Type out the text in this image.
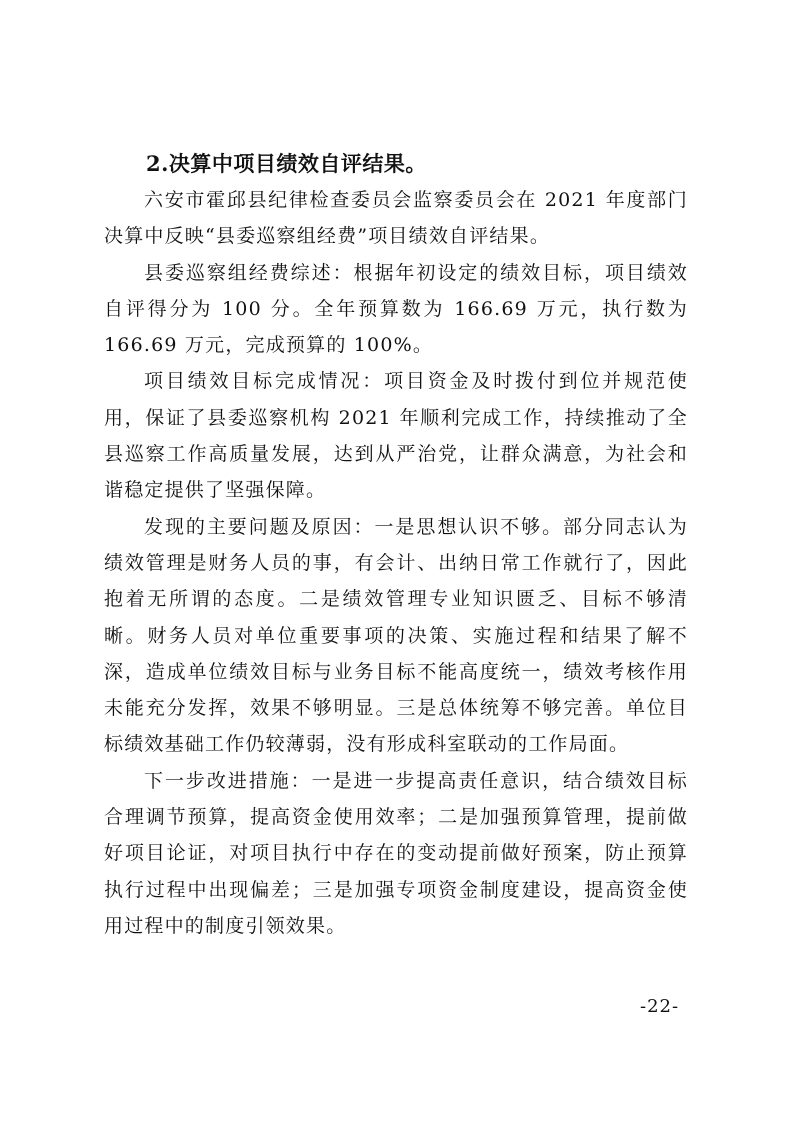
2.决算中项目绩效自评结果。

六安市霍邱县纪律检查委员会监察委员会在 2021 年度部门决算中反映“县委巡察组经费”项目绩效自评结果。

县委巡察组经费综述：根据年初设定的绩效目标，项目绩效自评得分为 100 分。全年预算数为 166.69 万元，执行数为 166.69 万元，完成预算的 100%。

项目绩效目标完成情况：项目资金及时拨付到位并规范使用，保证了县委巡察机构 2021 年顺利完成工作，持续推动了全县巡察工作高质量发展，达到从严治党，让群众满意，为社会和谐稳定提供了坚强保障。

发现的主要问题及原因：一是思想认识不够。部分同志认为绩效管理是财务人员的事，有会计、出纳日常工作就行了，因此抱着无所谓的态度。二是绩效管理专业知识匮乏、目标不够清晰。财务人员对单位重要事项的决策、实施过程和结果了解不深，造成单位绩效目标与业务目标不能高度统一，绩效考核作用未能充分发挥，效果不够明显。三是总体统筹不够完善。单位目标绩效基础工作仍较薄弱，没有形成科室联动的工作局面。

下一步改进措施：一是进一步提高责任意识，结合绩效目标合理调节预算，提高资金使用效率；二是加强预算管理，提前做好项目论证，对项目执行中存在的变动提前做好预案，防止预算执行过程中出现偏差；三是加强专项资金制度建设，提高资金使用过程中的制度引领效果。

-22-
